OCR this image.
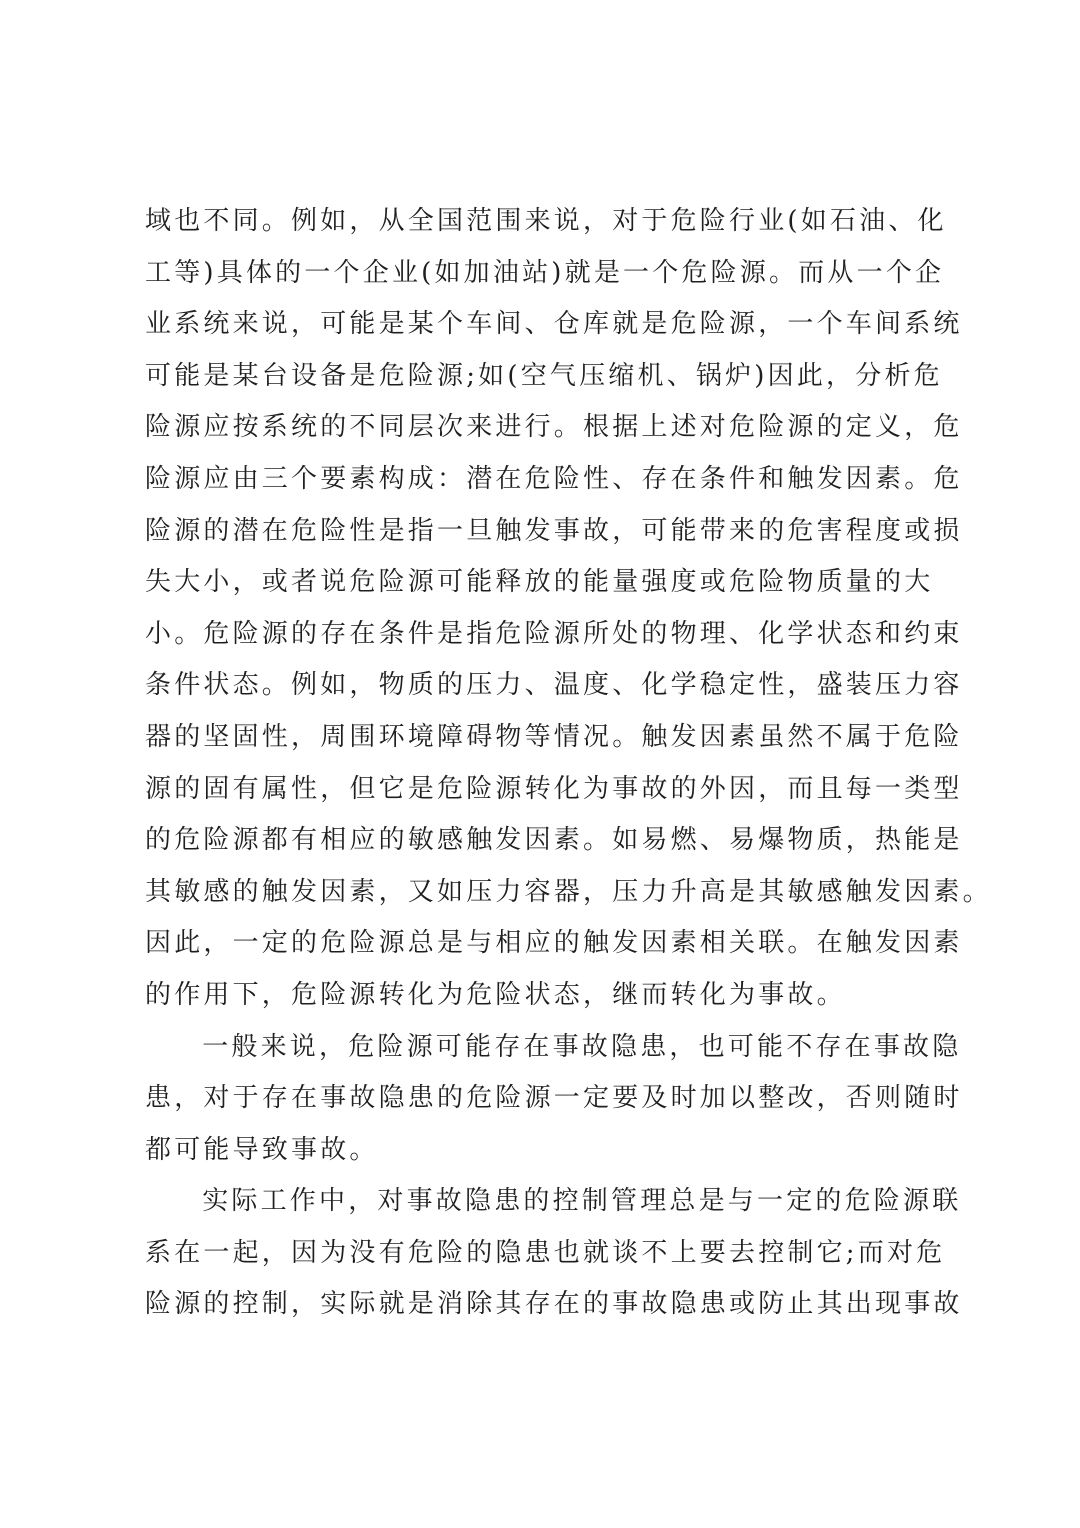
域也不同。例如，从全国范围来说，对于危险行业(如石油、化
工等)具体的一个企业(如加油站)就是一个危险源。而从一个企
业系统来说，可能是某个车间、仓库就是危险源，一个车间系统
可能是某台设备是危险源;如(空气压缩机、锅炉)因此，分析危
险源应按系统的不同层次来进行。根据上述对危险源的定义，危
险源应由三个要素构成：潜在危险性、存在条件和触发因素。危
险源的潜在危险性是指一旦触发事故，可能带来的危害程度或损
失大小，或者说危险源可能释放的能量强度或危险物质量的大
小。危险源的存在条件是指危险源所处的物理、化学状态和约束
条件状态。例如，物质的压力、温度、化学稳定性，盛装压力容
器的坚固性，周围环境障碍物等情况。触发因素虽然不属于危险
源的固有属性，但它是危险源转化为事故的外因，而且每一类型
的危险源都有相应的敏感触发因素。如易燃、易爆物质，热能是
其敏感的触发因素，又如压力容器，压力升高是其敏感触发因素。
因此，一定的危险源总是与相应的触发因素相关联。在触发因素
的作用下，危险源转化为危险状态，继而转化为事故。

一般来说，危险源可能存在事故隐患，也可能不存在事故隐

患，对于存在事故隐患的危险源一定要及时加以整改，否则随时
都可能导致事故。

实际工作中，对事故隐患的控制管理总是与一定的危险源联

系在一起，因为没有危险的隐患也就谈不上要去控制它;而对危
险源的控制，实际就是消除其存在的事故隐患或防止其出现事故
